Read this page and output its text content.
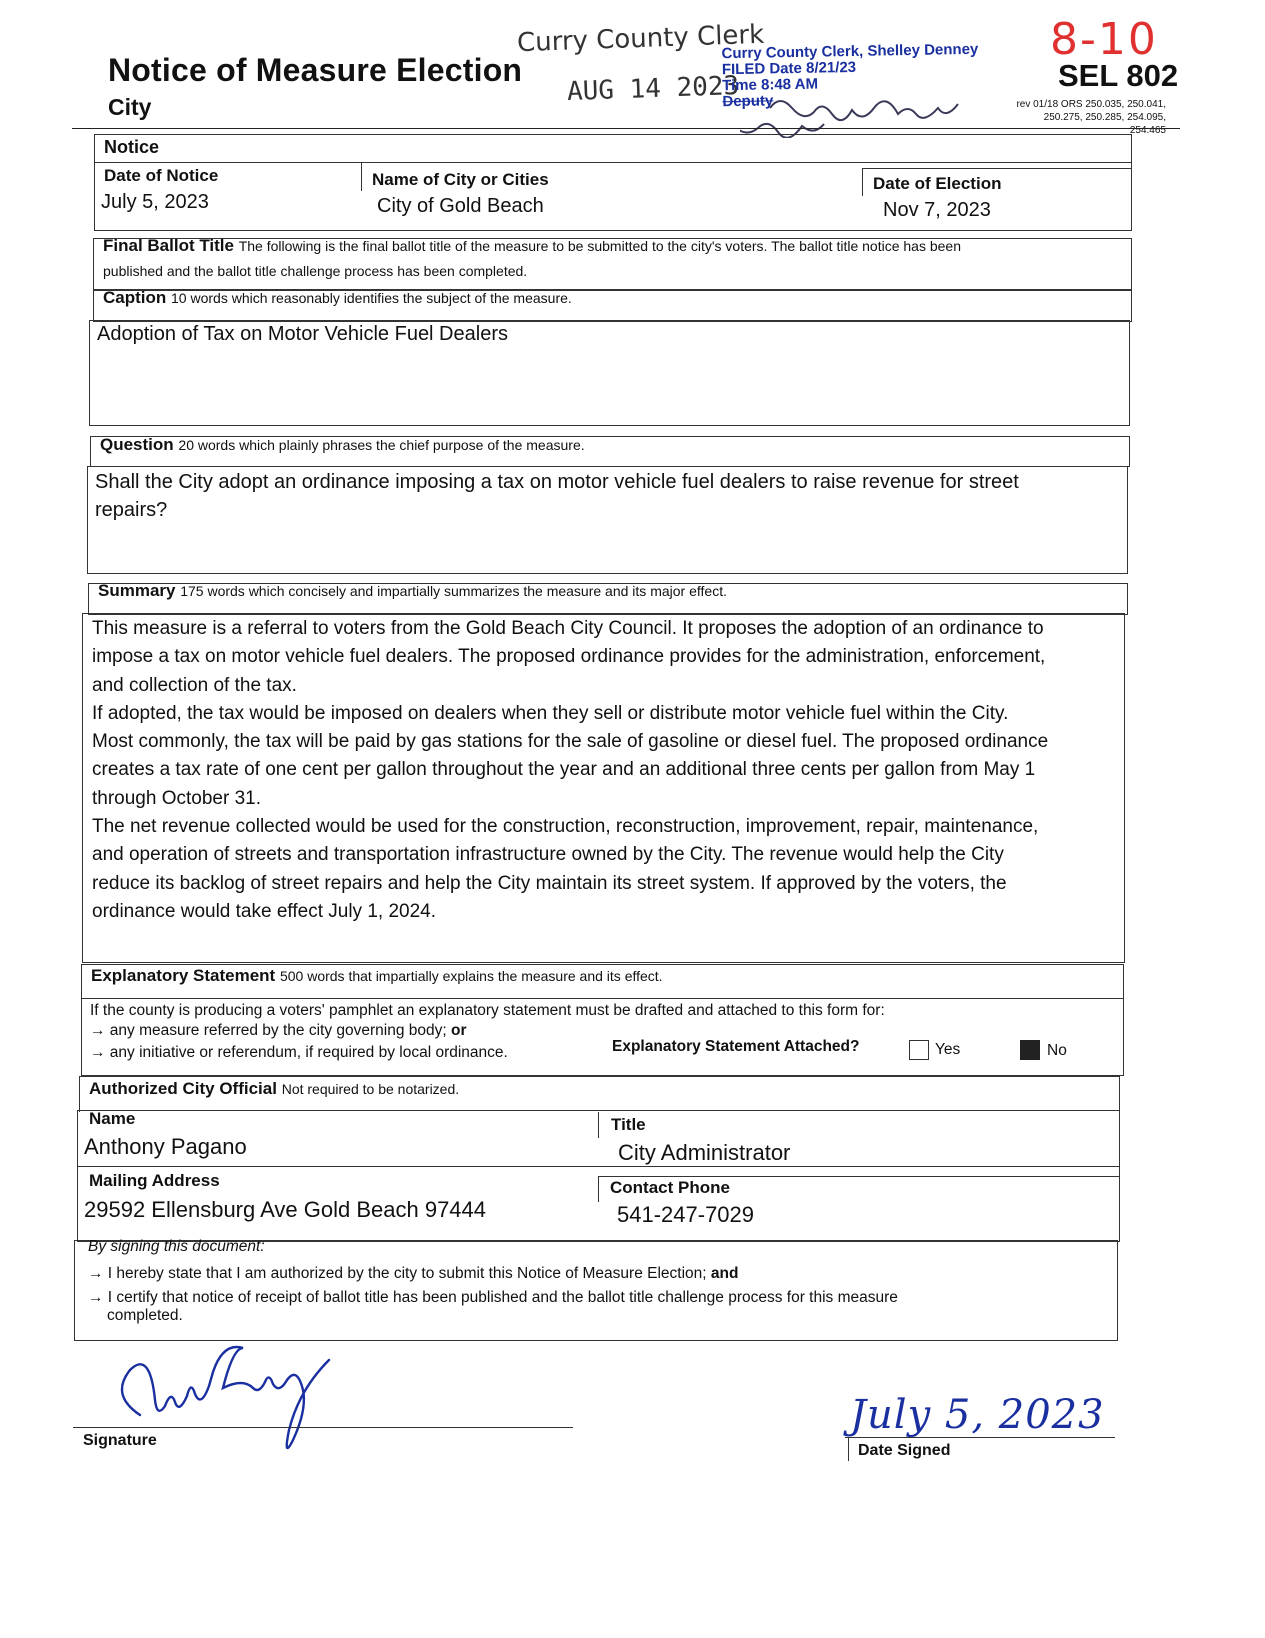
Notice of Measure Election
City
Curry County Clerk
AUG 14 2023
Curry County Clerk, Shelley Denney
FILED Date 8/21/23
Time 8:48 AM
Deputy
8-10
SEL 802
rev 01/18 ORS 250.035, 250.041, 250.275, 250.285, 254.095, 254.465
Notice
Date of Notice
July 5, 2023
Name of City or Cities
City of Gold Beach
Date of Election
Nov 7, 2023
Final Ballot Title The following is the final ballot title of the measure to be submitted to the city's voters. The ballot title notice has been
published and the ballot title challenge process has been completed.
Caption 10 words which reasonably identifies the subject of the measure.
Adoption of Tax on Motor Vehicle Fuel Dealers
Question 20 words which plainly phrases the chief purpose of the measure.
Shall the City adopt an ordinance imposing a tax on motor vehicle fuel dealers to raise revenue for street
repairs?
Summary 175 words which concisely and impartially summarizes the measure and its major effect.
This measure is a referral to voters from the Gold Beach City Council. It proposes the adoption of an ordinance to
impose a tax on motor vehicle fuel dealers. The proposed ordinance provides for the administration, enforcement,
and collection of the tax.
If adopted, the tax would be imposed on dealers when they sell or distribute motor vehicle fuel within the City.
Most commonly, the tax will be paid by gas stations for the sale of gasoline or diesel fuel. The proposed ordinance
creates a tax rate of one cent per gallon throughout the year and an additional three cents per gallon from May 1
through October 31.
The net revenue collected would be used for the construction, reconstruction, improvement, repair, maintenance,
and operation of streets and transportation infrastructure owned by the City. The revenue would help the City
reduce its backlog of street repairs and help the City maintain its street system. If approved by the voters, the
ordinance would take effect July 1, 2024.
Explanatory Statement 500 words that impartially explains the measure and its effect.
If the county is producing a voters' pamphlet an explanatory statement must be drafted and attached to this form for:
→ any measure referred by the city governing body; or
→ any initiative or referendum, if required by local ordinance.	Explanatory Statement Attached?	Yes	No
Authorized City Official Not required to be notarized.
Name
Anthony Pagano
Title
City Administrator
Mailing Address
29592 Ellensburg Ave Gold Beach 97444
Contact Phone
541-247-7029
By signing this document:
→ I hereby state that I am authorized by the city to submit this Notice of Measure Election; and
→ I certify that notice of receipt of ballot title has been published and the ballot title challenge process for this measure
completed.
Signature
July 5, 2023
Date Signed
